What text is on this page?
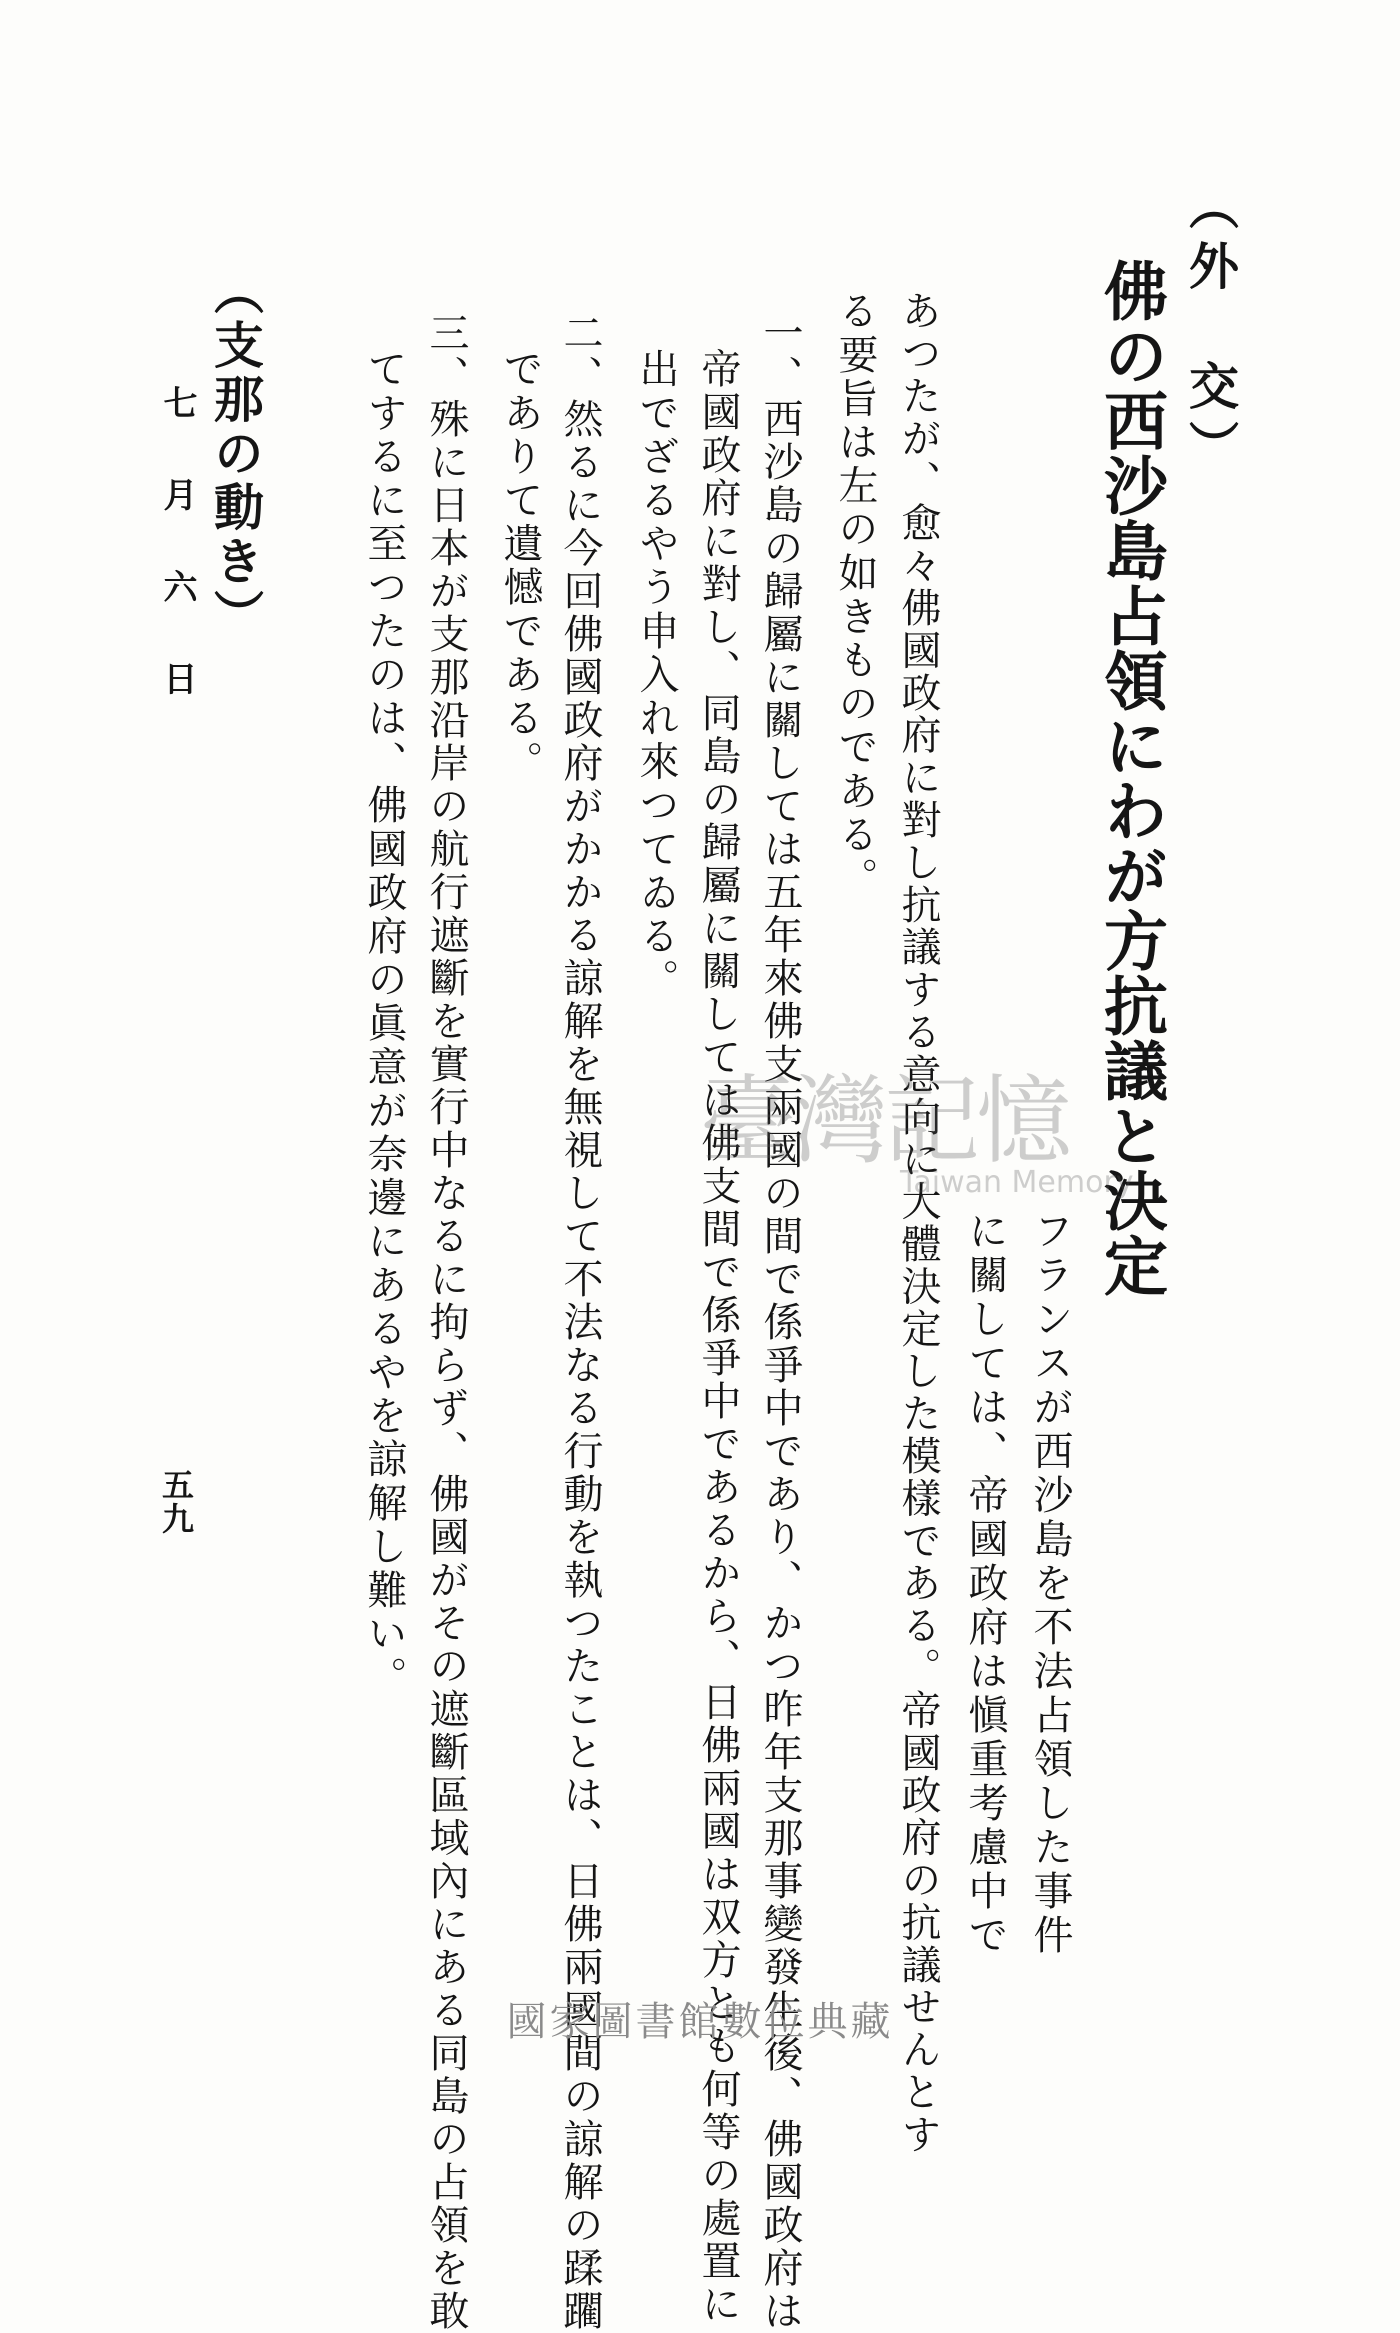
（外　交）
佛の西沙島占領にわが方抗議と決定
フランスが西沙島を不法占領した事件
に關しては、帝國政府は愼重考慮中で
あつたが、愈々佛國政府に對し抗議する意向に大體決定した模樣である。帝國政府の抗議せんとす
る要旨は左の如きものである。
一、西沙島の歸屬に關しては五年來佛支兩國の間で係爭中であり、かつ昨年支那事變發生後、佛國政府は
帝國政府に對し、同島の歸屬に關しては佛支間で係爭中であるから、日佛兩國は双方とも何等の處置に
出でざるやう申入れ來つてゐる。
二、然るに今回佛國政府がかかる諒解を無視して不法なる行動を執つたことは、日佛兩國間の諒解の蹂躙
でありて遺憾である。
三、殊に日本が支那沿岸の航行遮斷を實行中なるに拘らず、佛國がその遮斷區域內にある同島の占領を敢
てするに至つたのは、佛國政府の眞意が奈邊にあるやを諒解し難い。
（支那の動き）
七月六日
五九
臺灣記憶
Taiwan Memory
國家圖書館數位典藏
